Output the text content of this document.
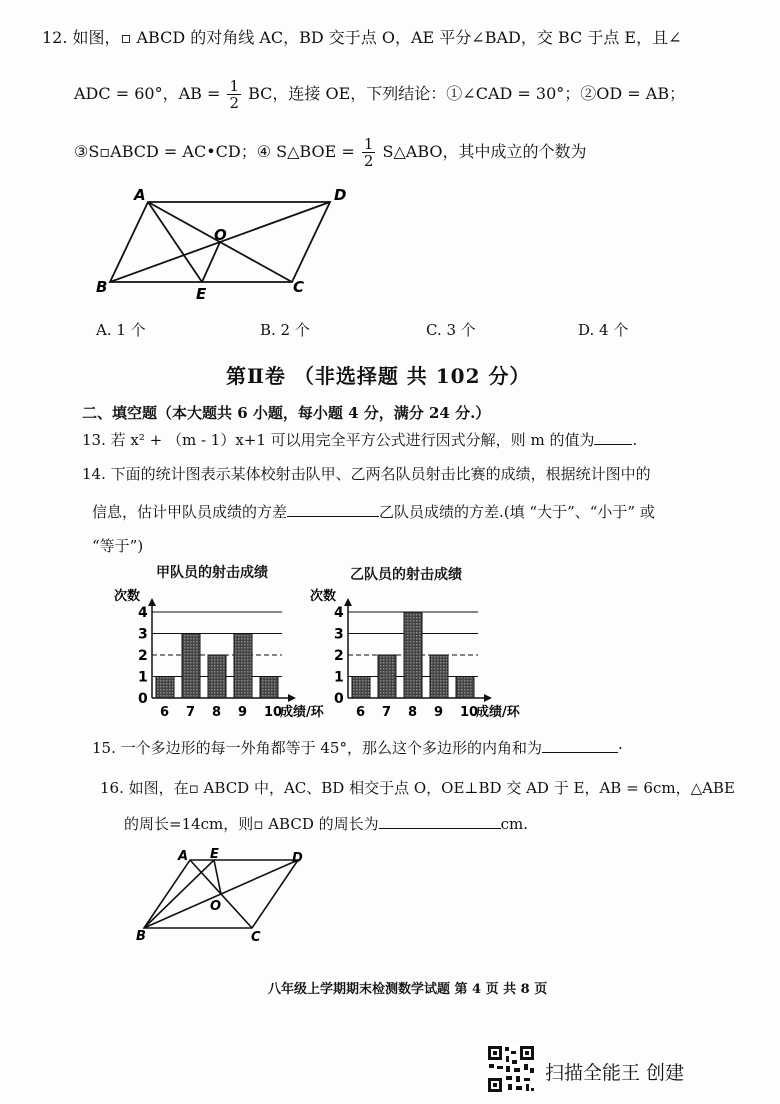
12. 如图，▫ ABCD 的对角线 AC，BD 交于点 O，AE 平分∠BAD，交 BC 于点 E，且∠
ADC = 60°，AB = $\frac{1}{2}$ BC，连接 OE，下列结论：①∠CAD = 30°；②OD = AB；
③S▫ABCD = AC•CD；④ S△BOE = $\frac{1}{2}$ S△ABO，其中成立的个数为
A	D
O
B	E	C
A. 1 个	B. 2 个	C. 3 个	D. 4 个
第Ⅱ卷 （非选择题 共 102 分）
二、填空题（本大题共 6 小题，每小题 4 分，满分 24 分.）
13. 若 x² + （m - 1）x+1 可以用完全平方公式进行因式分解，则 m 的值为	.
14. 下面的统计图表示某体校射击队甲、乙两名队员射击比赛的成绩，根据统计图中的
信息，估计甲队员成绩的方差	乙队员成绩的方差.(填 “大于”、“小于” 或
“等于”)
甲队员的射击成绩	乙队员的射击成绩
次数
0
1
2
3
4
6 7 8 9 10
成绩/环
次数
0
1
2
3
4
6 7 8 9 10
成绩/环
15. 一个多边形的每一外角都等于 45°，那么这个多边形的内角和为	·
16. 如图，在▫ ABCD 中，AC、BD 相交于点 O，OE⊥BD 交 AD 于 E，AB = 6cm，△ABE
的周长=14cm，则▫ ABCD 的周长为	cm.
A E	D
O
B	C
八年级上学期期末检测数学试题 第 4 页 共 8 页
扫描全能王 创建
